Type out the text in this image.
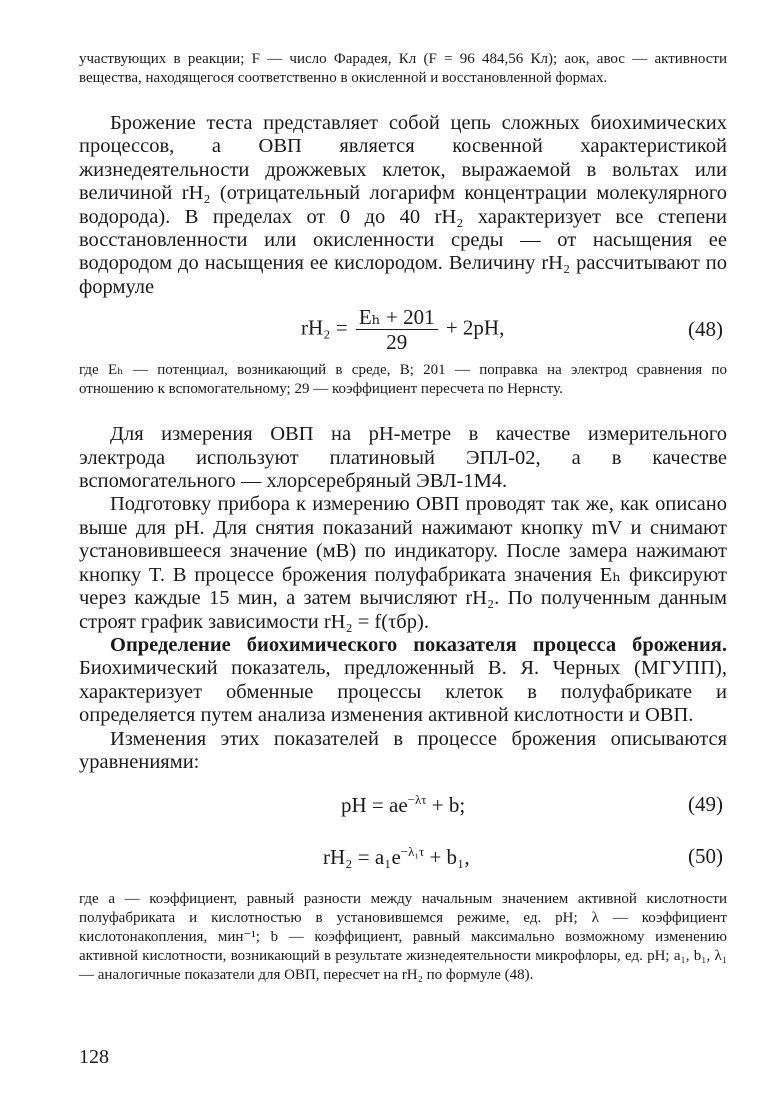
участвующих в реакции; F — число Фарадея, Кл (F = 96 484,56 Кл); aок, aвос — активности вещества, находящегося соответственно в окисленной и восстановленной формах.

Брожение теста представляет собой цепь сложных биохимических процессов, а ОВП является косвенной характеристикой жизнедеятельности дрожжевых клеток, выражаемой в вольтах или величиной rH₂ (отрицательный логарифм концентрации молекулярного водорода). В пределах от 0 до 40 rH₂ характеризует все степени восстановленности или окисленности среды — от насыщения ее водородом до насыщения ее кислородом. Величину rH₂ рассчитывают по формуле

$rH_2 = \frac{\text{Eₕ + 201}}{29} + 2pH$,	(48)

где Eₕ — потенциал, возникающий в среде, В; 201 — поправка на электрод сравнения по отношению к вспомогательному; 29 — коэффициент пересчета по Нернсту.

Для измерения ОВП на pH-метре в качестве измерительного электрода используют платиновый ЭПЛ-02, а в качестве вспомогательного — хлорсеребряный ЭВЛ-1М4.

Подготовку прибора к измерению ОВП проводят так же, как описано выше для pH. Для снятия показаний нажимают кнопку mV и снимают установившееся значение (мВ) по индикатору. После замера нажимают кнопку T. В процессе брожения полуфабриката значения Eₕ фиксируют через каждые 15 мин, а затем вычисляют rH₂. По полученным данным строят график зависимости rH₂ = f(τбр).

Определение биохимического показателя процесса брожения. Биохимический показатель, предложенный В. Я. Черных (МГУПП), характеризует обменные процессы клеток в полуфабрикате и определяется путем анализа изменения активной кислотности и ОВП.

Изменения этих показателей в процессе брожения описываются уравнениями:

pH = $ae^{-\lambda\tau} + b$;	(49)
$rH_2 = a_1e^{-\lambda_1\tau} + b_1$,	(50)

где a — коэффициент, равный разности между начальным значением активной кислотности полуфабриката и кислотностью в установившемся режиме, ед. pH; λ — коэффициент кислотонакопления, мин⁻¹; b — коэффициент, равный максимально возможному изменению активной кислотности, возникающий в результате жизнедеятельности микрофлоры, ед. pH; a₁, b₁, λ₁ — аналогичные показатели для ОВП, пересчет на rH₂ по формуле (48).

128
